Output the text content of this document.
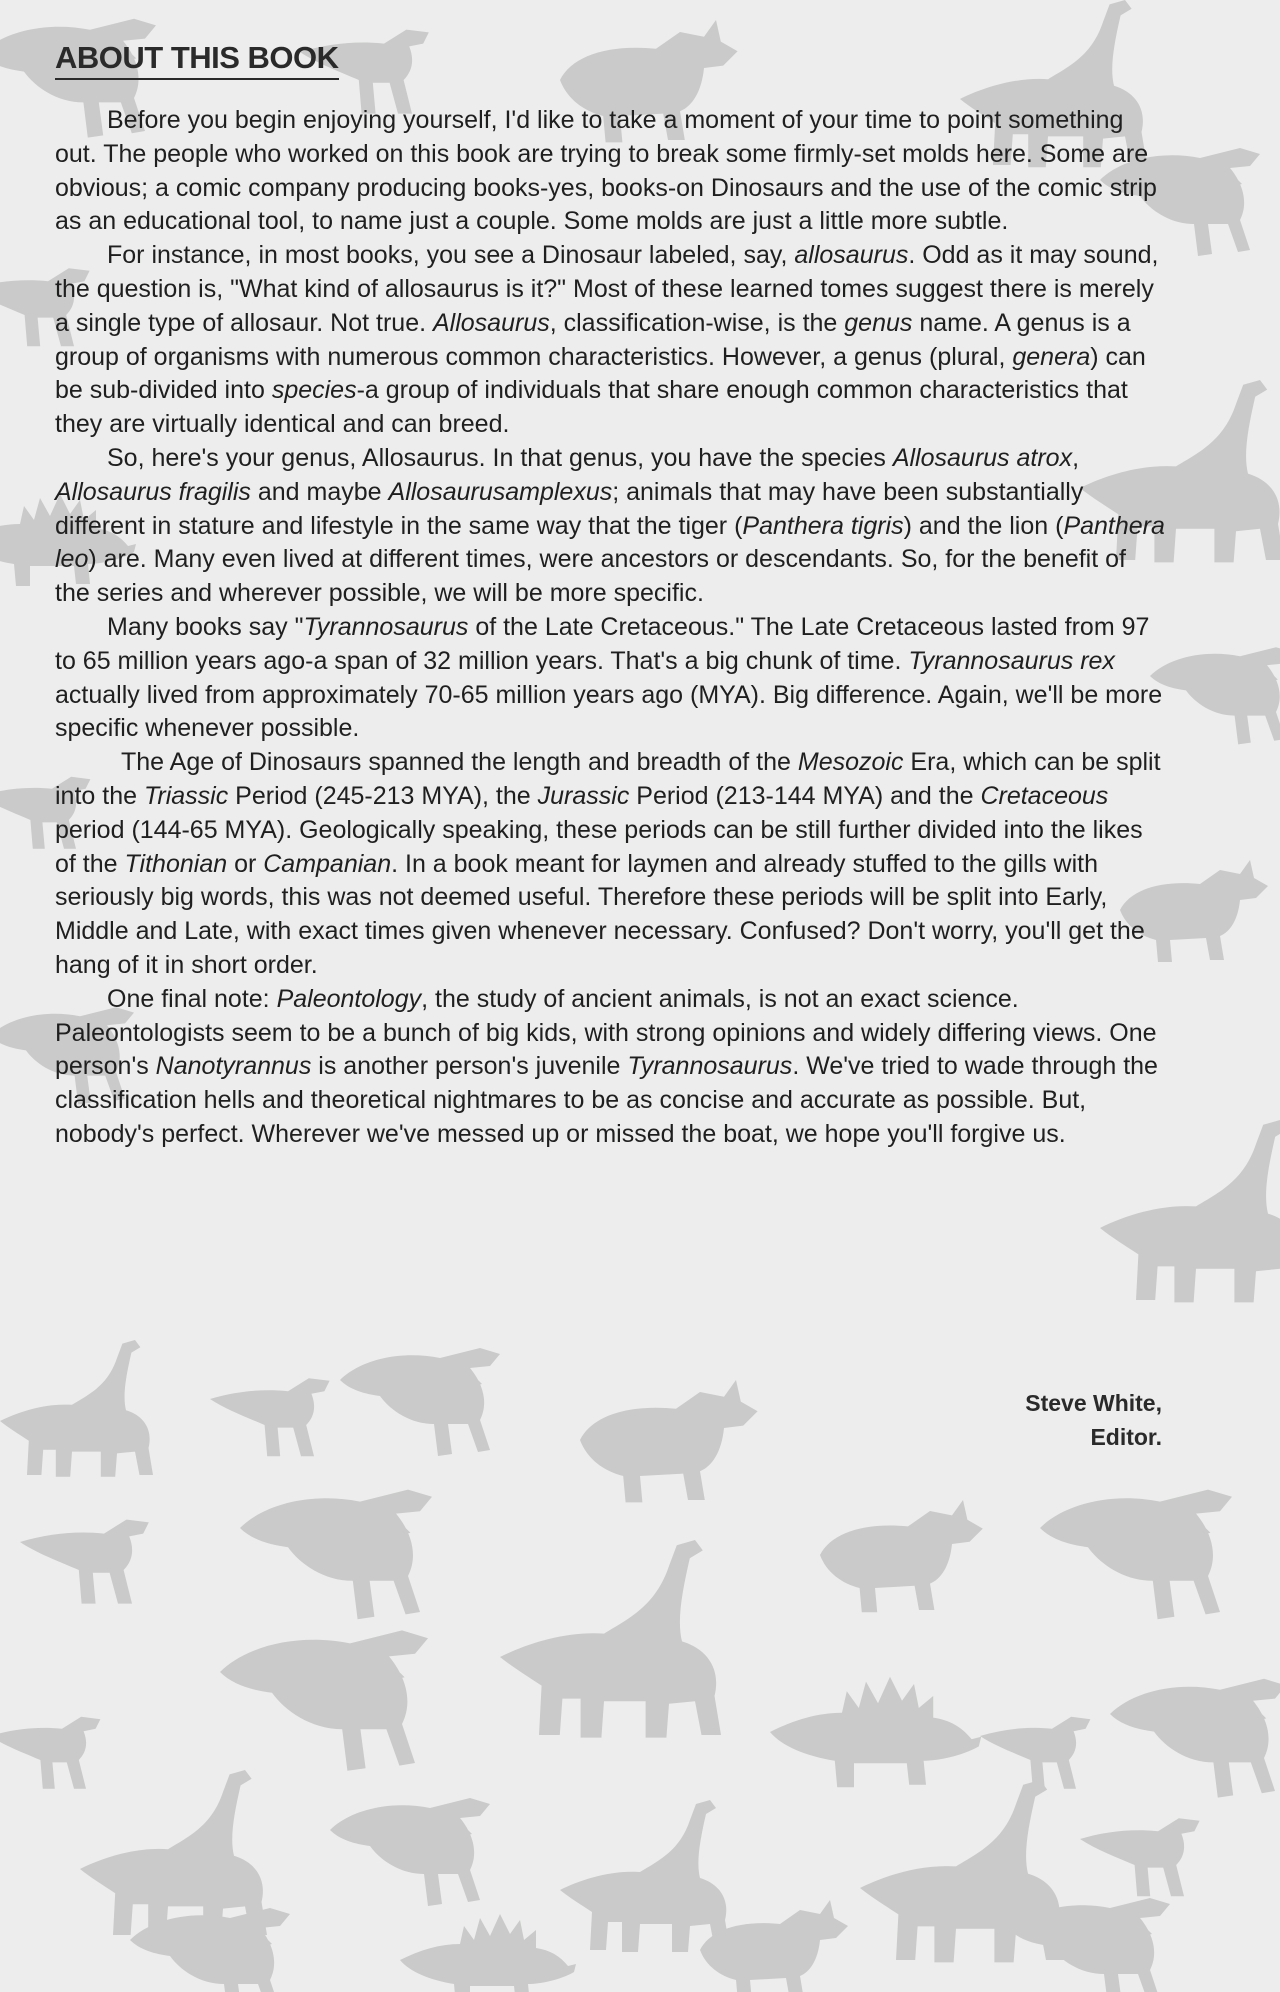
ABOUT THIS BOOK

Before you begin enjoying yourself, I'd like to take a moment of your time to point something out. The people who worked on this book are trying to break some firmly-set molds here. Some are obvious; a comic company producing books-yes, books-on Dinosaurs and the use of the comic strip as an educational tool, to name just a couple. Some molds are just a little more subtle.

For instance, in most books, you see a Dinosaur labeled, say, allosaurus. Odd as it may sound, the question is, "What kind of allosaurus is it?" Most of these learned tomes suggest there is merely a single type of allosaur. Not true. Allosaurus, classification-wise, is the genus name. A genus is a group of organisms with numerous common characteristics. However, a genus (plural, genera) can be sub-divided into species-a group of individuals that share enough common characteristics that they are virtually identical and can breed.

So, here's your genus, Allosaurus. In that genus, you have the species Allosaurus atrox, Allosaurus fragilis and maybe Allosaurusamplexus; animals that may have been substantially different in stature and lifestyle in the same way that the tiger (Panthera tigris) and the lion (Panthera leo) are. Many even lived at different times, were ancestors or descendants. So, for the benefit of the series and wherever possible, we will be more specific.

Many books say "Tyrannosaurus of the Late Cretaceous." The Late Cretaceous lasted from 97 to 65 million years ago-a span of 32 million years. That's a big chunk of time. Tyrannosaurus rex actually lived from approximately 70-65 million years ago (MYA). Big difference. Again, we'll be more specific whenever possible.

The Age of Dinosaurs spanned the length and breadth of the Mesozoic Era, which can be split into the Triassic Period (245-213 MYA), the Jurassic Period (213-144 MYA) and the Cretaceous period (144-65 MYA). Geologically speaking, these periods can be still further divided into the likes of the Tithonian or Campanian. In a book meant for laymen and already stuffed to the gills with seriously big words, this was not deemed useful. Therefore these periods will be split into Early, Middle and Late, with exact times given whenever necessary. Confused? Don't worry, you'll get the hang of it in short order.

One final note: Paleontology, the study of ancient animals, is not an exact science. Paleontologists seem to be a bunch of big kids, with strong opinions and widely differing views. One person's Nanotyrannus is another person's juvenile Tyrannosaurus. We've tried to wade through the classification hells and theoretical nightmares to be as concise and accurate as possible. But, nobody's perfect. Wherever we've messed up or missed the boat, we hope you'll forgive us.

Steve White,
Editor.
